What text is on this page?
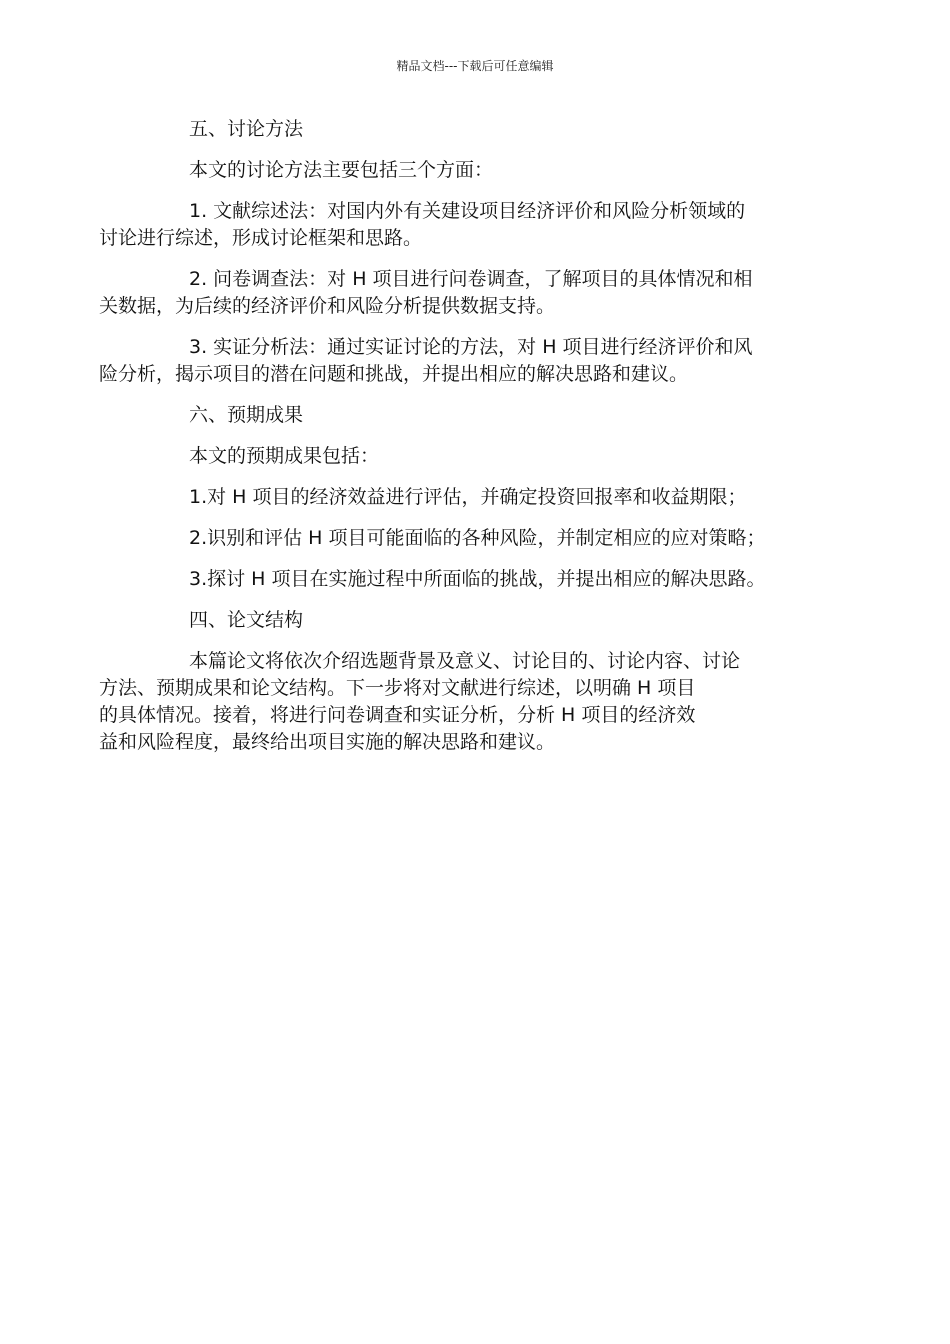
精品文档---下载后可任意编辑

五、讨论方法

本文的讨论方法主要包括三个方面：

1. 文献综述法：对国内外有关建设项目经济评价和风险分析领域的
讨论进行综述，形成讨论框架和思路。

2. 问卷调查法：对 H 项目进行问卷调查，了解项目的具体情况和相
关数据，为后续的经济评价和风险分析提供数据支持。

3. 实证分析法：通过实证讨论的方法，对 H 项目进行经济评价和风
险分析，揭示项目的潜在问题和挑战，并提出相应的解决思路和建议。

六、预期成果

本文的预期成果包括：

1.对 H 项目的经济效益进行评估，并确定投资回报率和收益期限；

2.识别和评估 H 项目可能面临的各种风险，并制定相应的应对策略；

3.探讨 H 项目在实施过程中所面临的挑战，并提出相应的解决思路。

四、论文结构

本篇论文将依次介绍选题背景及意义、讨论目的、讨论内容、讨论
方法、预期成果和论文结构。下一步将对文献进行综述，以明确 H 项目
的具体情况。接着，将进行问卷调查和实证分析，分析 H 项目的经济效
益和风险程度，最终给出项目实施的解决思路和建议。
